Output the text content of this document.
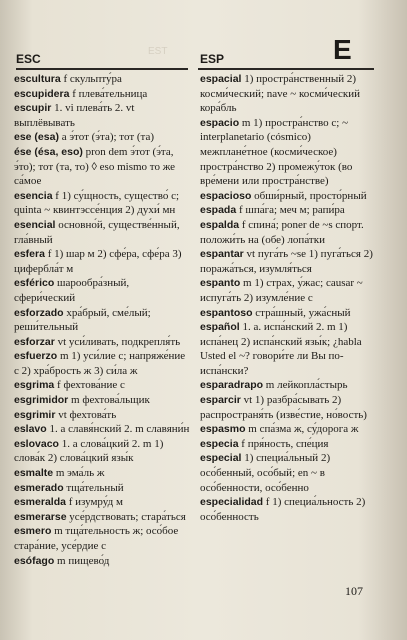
ESC
ЕSТ
ESP	E

escultura f скульпту́ра

escupidera f плева́тельница

escupir 1. vi плева́ть 2. vt выплёвывать

ese (esa) a э́тот (э́та); тот (та)

ése (ésa, eso) pron dem э́тот (э́та, э́то); тот (та, то) ◊ eso mismo то же са́мое

esencia f 1) су́щность, существо́ с; quinta ~ квинтэссе́нция 2) духи́ мн

esencial основно́й, существе́нный, гла́вный

esfera f 1) шар м 2) сфе́ра, сфе́ра 3) цифербла́т м

esférico шарообра́зный, сфери́ческий

esforzado хра́брый, сме́лый; реши́тельный

esforzar vt уси́ливать, подкрепля́ть

esfuerzo m 1) уси́лие с; напряже́ние с 2) хра́брость ж 3) си́ла ж

esgrima f фехтова́ние с

esgrimidor m фехтова́льщик

esgrimir vt фехтова́ть

eslavo 1. a славя́нский 2. m славяни́н

eslovaco 1. a слова́цкий 2. m 1) слова́к 2) слова́цкий язы́к

esmalte m эма́ль ж

esmerado тща́тельный

esmeralda f изумру́д м

esmerarse усе́рдствовать; стара́ться

esmero m тща́тельность ж; осо́бое стара́ние, усе́рдие с

esófago m пищево́д

espacial 1) простра́нственный 2) косми́ческий; nave ~ косми́ческий кора́бль

espacio m 1) простра́нство с; ~ interplanetario (cósmico) межплане́тное (косми́ческое) простра́нство 2) промежу́ток (во вре́мени или простра́нстве)

espacioso обши́рный, просто́рный

espada f шпа́га; меч м; рапи́ра

espalda f спина́; poner de ~s спорт. положи́ть на (обе) лопа́тки

espantar vt пуга́ть ~se 1) пуга́ться 2) поража́ться, изумля́ться

espanto m 1) страх, у́жас; causar ~ испуга́ть 2) изумле́ние с

espantoso стра́шный, ужа́сный

español 1. a. испа́нский 2. m 1) испа́нец 2) испа́нский язы́к; ¿habla Usted el ~? говори́те ли Вы по-испа́нски?

esparadrapo m лейкопла́стырь

esparcir vt 1) разбра́сывать 2) распространя́ть (изве́стие, но́вость)

espasmo m спа́зма ж, су́дорога ж

especia f пря́ность, спе́ция

especial 1) специа́льный 2) осо́бенный, осо́бый; en ~ в осо́бенности, осо́бенно

especialidad f 1) специа́льность 2) осо́бенность

107
